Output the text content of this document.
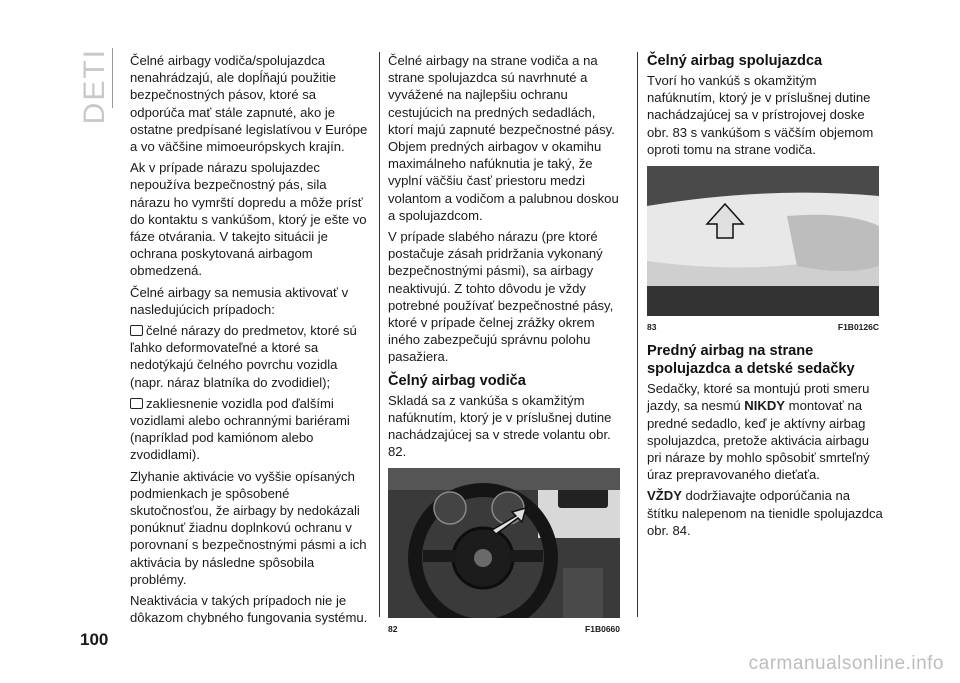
DETI Čelné airbagy vodiča/spolujazdca nenahrádzajú, ale dopĺňajú použitie bezpečnostných pásov, ktoré sa odporúča mať stále zapnuté, ako je ostatne predpísané legislatívou v Európe a vo väčšine mimoeurópskych krajín.

Ak v prípade nárazu spolujazdec nepoužíva bezpečnostný pás, sila nárazu ho vymrští dopredu a môže prísť do kontaktu s vankúšom, ktorý je ešte vo fáze otvárania. V takejto situácii je ochrana poskytovaná airbagom obmedzená.

Čelné airbagy sa nemusia aktivovať v nasledujúcich prípadoch:

čelné nárazy do predmetov, ktoré sú ľahko deformovateľné a ktoré sa nedotýkajú čelného povrchu vozidla (napr. náraz blatníka do zvodidiel);

zakliesnenie vozidla pod ďalšími vozidlami alebo ochrannými bariérami (napríklad pod kamiónom alebo zvodidlami).

Zlyhanie aktivácie vo vyššie opísaných podmienkach je spôsobené skutočnosťou, že airbagy by nedokázali ponúknuť žiadnu doplnkovú ochranu v porovnaní s bezpečnostnými pásmi a ich aktivácia by následne spôsobila problémy.

Neaktivácia v takých prípadoch nie je dôkazom chybného fungovania systému.

Čelné airbagy na strane vodiča a na strane spolujazdca sú navrhnuté a vyvážené na najlepšiu ochranu cestujúcich na predných sedadlách, ktorí majú zapnuté bezpečnostné pásy. Objem predných airbagov v okamihu maximálneho nafúknutia je taký, že vyplní väčšiu časť priestoru medzi volantom a vodičom a palubnou doskou a spolujazdcom.

V prípade slabého nárazu (pre ktoré postačuje zásah pridržania vykonaný bezpečnostnými pásmi), sa airbagy neaktivujú. Z tohto dôvodu je vždy potrebné používať bezpečnostné pásy, ktoré v prípade čelnej zrážky okrem iného zabezpečujú správnu polohu pasažiera.

Čelný airbag vodiča

Skladá sa z vankúša s okamžitým nafúknutím, ktorý je v príslušnej dutine nachádzajúcej sa v strede volantu obr. 82.

82	F1B0660
Čelný airbag spolujazdca

Tvorí ho vankúš s okamžitým nafúknutím, ktorý je v príslušnej dutine nachádzajúcej sa v prístrojovej doske obr. 83 s vankúšom s väčším objemom oproti tomu na strane vodiča.

83	F1B0126C
Predný airbag na strane spolujazdca a detské sedačky

Sedačky, ktoré sa montujú proti smeru jazdy, sa nesmú NIKDY montovať na predné sedadlo, keď je aktívny airbag spolujazdca, pretože aktivácia airbagu pri náraze by mohlo spôsobiť smrteľný úraz prepravovaného dieťaťa.

VŽDY dodržiavajte odporúčania na štítku nalepenom na tienidle spolujazdca obr. 84.

100
carmanualsonline.info
